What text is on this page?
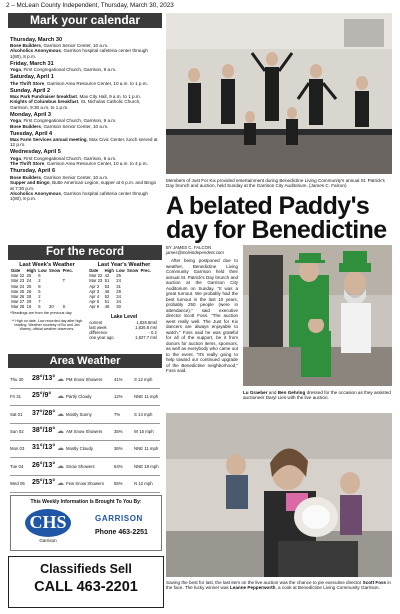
2 – McLean County Independent, Thursday, March 30, 2023
Mark your calendar
Thursday, March 30
Bose Builders, Garrison Senior Center, 10 a.m.
Alcoholics Anonymous, Garrison hospital cafeteria center through 1(80), 8 p.m.
Friday, March 31
Yoga, First Congregational Church, Garrison, 9 a.m.
Saturday, April 1
The Thrift Store, Garrison Area Resource Center, 10 a.m. to 1 p.m.
Sunday, April 2
Max Park Fundraiser breakfast, Max City Hall, 9 a.m. to 1 p.m.
Knights of Columbus breakfast, St. Nicholas Catholic Church, Garrison, 9:30 a.m. to 1 p.m.
Monday, April 3
Yoga, First Congregational Church, Garrison, 9 a.m.
Bose Builders, Garrison Senior Center, 10 a.m.
Tuesday, April 4
Max Farm Services annual meeting, Max Civic Center, lunch served at 12 p.m.
Wednesday, April 5
Yoga, First Congregational Church, Garrison, 9 a.m.
The Thrift Store, Garrison Area Resource Center, 10 a.m. to 4 p.m.
Thursday, April 6
Bose Builders, Garrison Senior Center, 10 a.m.
Supper and Bingo, Butte American Legion, supper at 6 p.m. and Bingo at 7:30 p.m.
Alcoholics Anonymous, Garrison hospital cafeteria center through 1(80), 8 p.m.
For the record
Last Week's Weather
Date	High	Low	Snow	Prec.
Mar 22	25	6		
Mar 23	24	2		T
Mar 24	25	8		
Mar 25	26	5		
Mar 26	28	2		
Mar 27	29	7		
Mar 28	16	5	20	S
*Readings are from the previous day
** High on date. Low recorded day after high reading. Weather courtesy of Bo and Jan Warmy, official weather observers.
Last Year's Weather
Date	High	Low	Snow	Prec.
Mar 22	42	25		
Mar 23	51	24		
Apr 2	53	31		
Apr 3	46	28		
Apr 4	52	34		
Apr 5	51	34		
Apr 6	46	30		
Lake Level
current	1,826.8msl
last week	1,826.8 msl
difference	- 0.2
one year ago	1,827.7 msl
Area Weather
Thu 30 28°/13°	PM Snow Showers	41%	S 12 mph
☁
Fri 31 25°/9°	Partly Cloudy	12%	NNE 11 mph
☁
Sat 01 37°/28°	Mostly Sunny	7%	S 14 mph
☁
Sun 02 38°/18°	AM Snow Showers	35%	W 15 mph
☁
Mon 03 31°/13°	Mostly Cloudy	36%	NNE 11 mph
☁
Tue 04 26°/13°	Snow Showers	54%	NNE 18 mph
☁
Wed 05 25°/13°	Few Snow Showers 55%	N 12 mph
☁
This Weekly Information Is Brought To You By:
CHS
Garrison
GARRISON
Phone 463-2251
Classifieds Sell
CALL 463-2201
Members of Just For Kix provided entertainment during Benedictine Living Community's annual St. Patrick's Day brunch and auction, held Sunday at the Garrison City Auditorium. (James C. Falcon)
A belated Paddy's
day for Benedictine
BY JAMES C. FALCON
james@mcleindependent.com
After being postponed due to weather, Benedictine Living Community Garrison held their annual St. Patrick's Day brunch and auction at the Garrison City Auditorium on Sunday. "It was a great turnout. We probably had the best turnout in the last 10 years, probably 250 people (were in attendance)," said executive director Scott Foss. "The auction went really well. The Just for Kix dancers are always enjoyable to watch." Foss said he was grateful for all of the support, be it from donors for auction items, sponsors, as well as everybody who came out to the event. "It's really going to help toward our continued upgrade of the Benedictine neighborhood," Foss said.
Lu Graeber and Ben Gehring dressed for the occasion as they assisted auctioneer Daryl Lies with the live auction.
Saving the best for last, the last item on the live auction was the chance to pie executive director Scott Foss in the face. The lucky winner was Leanne Pepperworth, a cook at Benedictine Living Community Garrison.
